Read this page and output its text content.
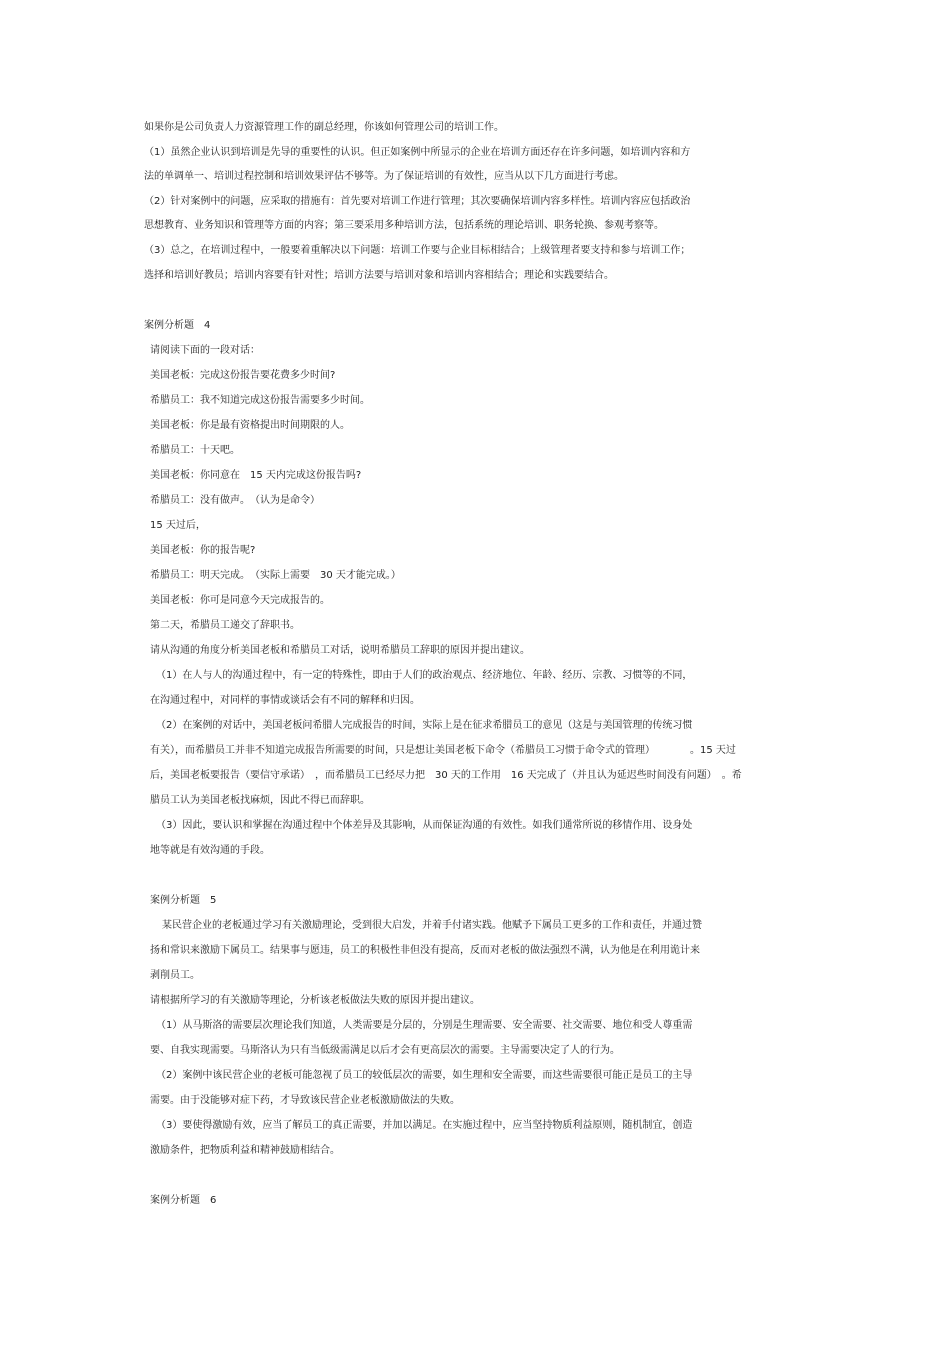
如果你是公司负责人力资源管理工作的副总经理，你该如何管理公司的培训工作。
（1）虽然企业认识到培训是先导的重要性的认识。但正如案例中所显示的企业在培训方面还存在许多问题，如培训内容和方
法的单调单一、培训过程控制和培训效果评估不够等。为了保证培训的有效性，应当从以下几方面进行考虑。
（2）针对案例中的问题，应采取的措施有：首先要对培训工作进行管理；其次要确保培训内容多样性。培训内容应包括政治
思想教育、业务知识和管理等方面的内容；第三要采用多种培训方法，包括系统的理论培训、职务轮换、参观考察等。
（3）总之，在培训过程中，一般要着重解决以下问题：培训工作要与企业目标相结合；上级管理者要支持和参与培训工作；
选择和培训好教员；培训内容要有针对性；培训方法要与培训对象和培训内容相结合；理论和实践要结合。
案例分析题　4
请阅读下面的一段对话：
美国老板：完成这份报告要花费多少时间?
希腊员工：我不知道完成这份报告需要多少时间。
美国老板：你是最有资格提出时间期限的人。
希腊员工：十天吧。
美国老板：你同意在　15 天内完成这份报告吗?
希腊员工：没有做声。　（认为是命令）
15 天过后，
美国老板：你的报告呢?
希腊员工：明天完成。　（实际上需要　30 天才能完成。）
美国老板：你可是同意今天完成报告的。
第二天，希腊员工递交了辞职书。
请从沟通的角度分析美国老板和希腊员工对话，说明希腊员工辞职的原因并提出建议。
（1）在人与人的沟通过程中，有一定的特殊性，即由于人们的政治观点、经济地位、年龄、经历、宗教、习惯等的不同，
在沟通过程中，对同样的事情或谈话会有不同的解释和归因。
（2）在案例的对话中，美国老板问希腊人完成报告的时间，实际上是在征求希腊员工的意见（这是与美国管理的传统习惯
有关），而希腊员工并非不知道完成报告所需要的时间，只是想让美国老板下命令（希腊员工习惯于命令式的管理）　　　　。15 天过
后，美国老板要报告（要信守承诺）　，而希腊员工已经尽力把　30 天的工作用　16 天完成了（并且认为延迟些时间没有问题）　。希
腊员工认为美国老板找麻烦，因此不得已而辞职。
（3）因此，要认识和掌握在沟通过程中个体差异及其影响，从而保证沟通的有效性。如我们通常所说的移情作用、设身处
地等就是有效沟通的手段。
案例分析题　5
某民营企业的老板通过学习有关激励理论，受到很大启发，并着手付诸实践。他赋予下属员工更多的工作和责任，并通过赞
扬和常识来激励下属员工。结果事与愿违，员工的积极性非但没有提高，反而对老板的做法强烈不满，认为他是在利用诡计来
剥削员工。
请根据所学习的有关激励等理论，分析该老板做法失败的原因并提出建议。
（1）从马斯洛的需要层次理论我们知道，人类需要是分层的，分别是生理需要、安全需要、社交需要、地位和受人尊重需
要、自我实现需要。马斯洛认为只有当低级需满足以后才会有更高层次的需要。主导需要决定了人的行为。
（2）案例中该民营企业的老板可能忽视了员工的较低层次的需要，如生理和安全需要，而这些需要很可能正是员工的主导
需要。由于没能够对症下药，才导致该民营企业老板激励做法的失败。
（3）要使得激励有效，应当了解员工的真正需要，并加以满足。在实施过程中，应当坚持物质利益原则，随机制宜，创造
激励条件，把物质利益和精神鼓励相结合。
案例分析题　6
